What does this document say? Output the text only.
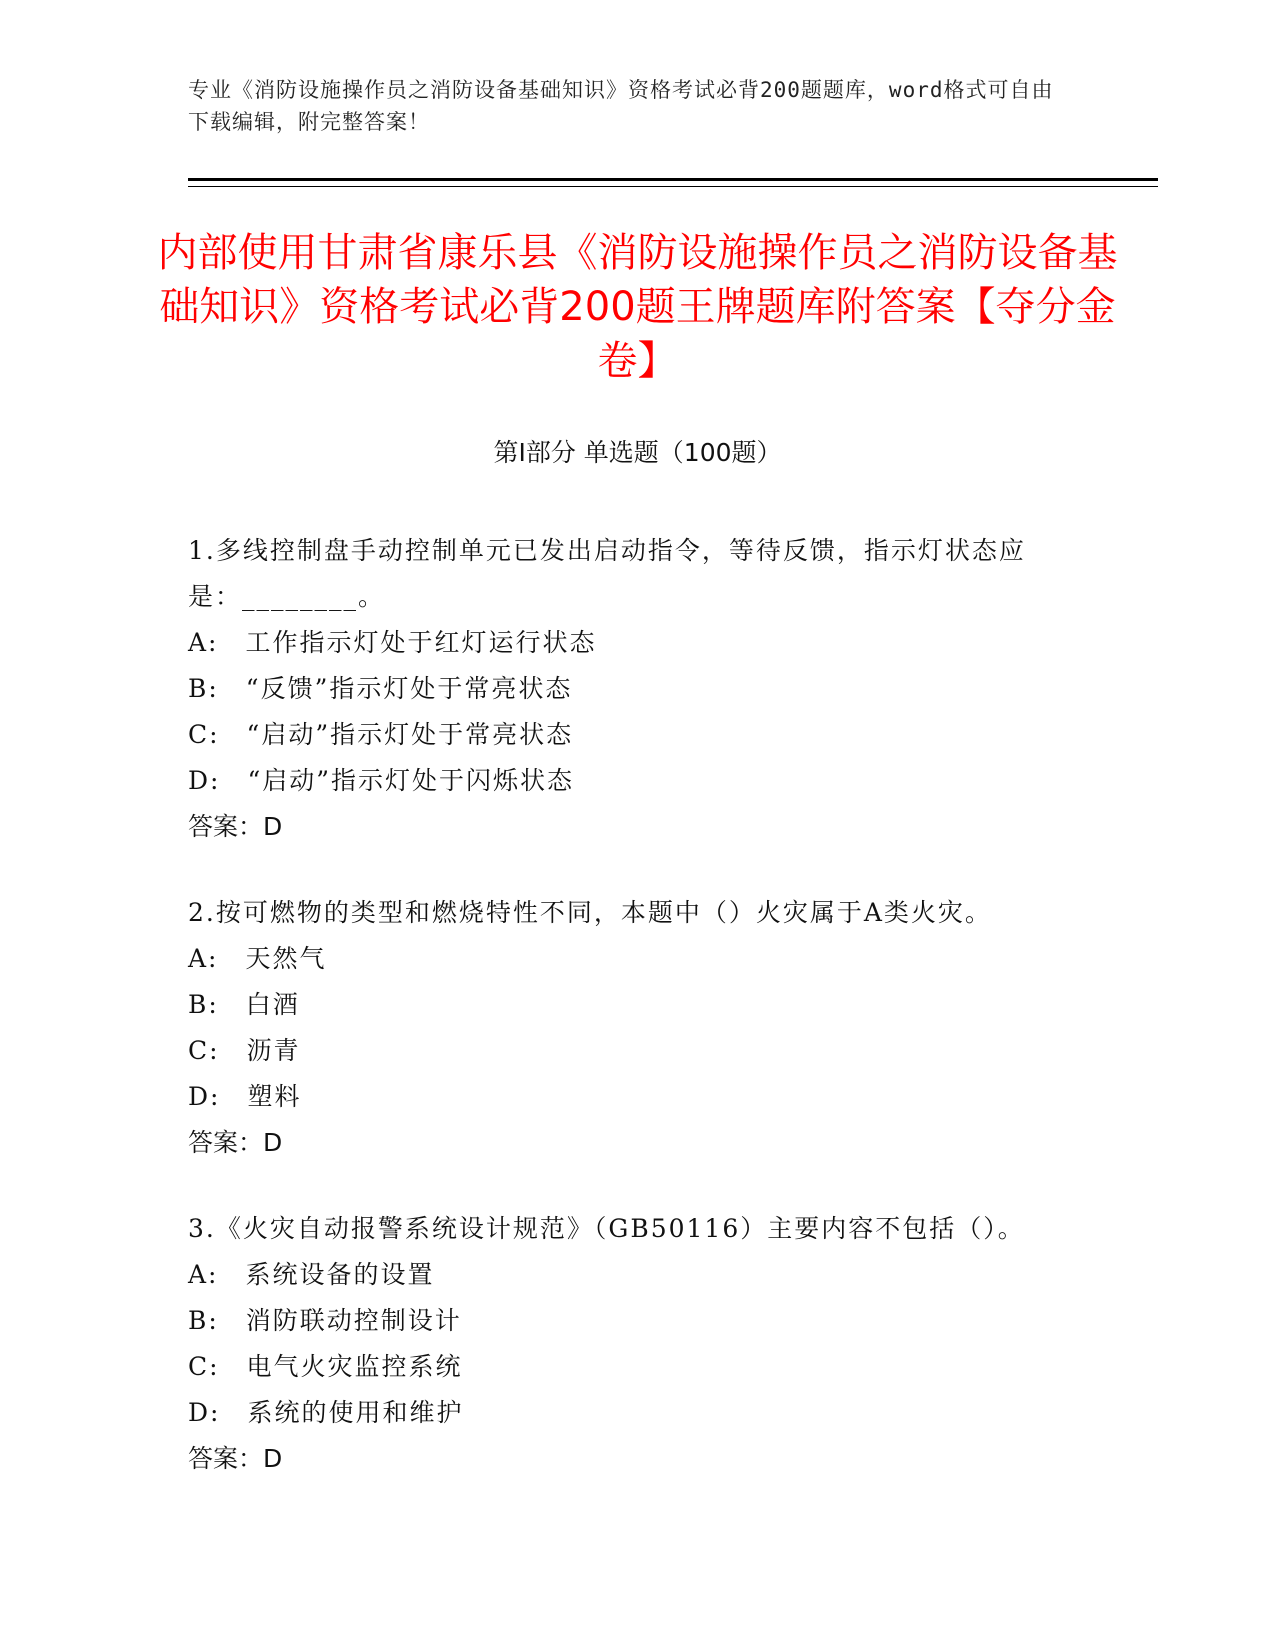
专业《消防设施操作员之消防设备基础知识》资格考试必背200题题库，word格式可自由下载编辑，附完整答案！
内部使用甘肃省康乐县《消防设施操作员之消防设备基础知识》资格考试必背200题王牌题库附答案【夺分金卷】
第Ⅰ部分 单选题（100题）

1.多线控制盘手动控制单元已发出启动指令，等待反馈，指示灯状态应是：________。

A:　工作指示灯处于红灯运行状态

B:　“反馈”指示灯处于常亮状态

C:　“启动”指示灯处于常亮状态

D:　“启动”指示灯处于闪烁状态

答案：D

2.按可燃物的类型和燃烧特性不同，本题中（）火灾属于A类火灾。

A:　天然气

B:　白酒

C:　沥青

D:　塑料

答案：D

3.《火灾自动报警系统设计规范》（GB50116）主要内容不包括（）。

A:　系统设备的设置

B:　消防联动控制设计

C:　电气火灾监控系统

D:　系统的使用和维护

答案：D
